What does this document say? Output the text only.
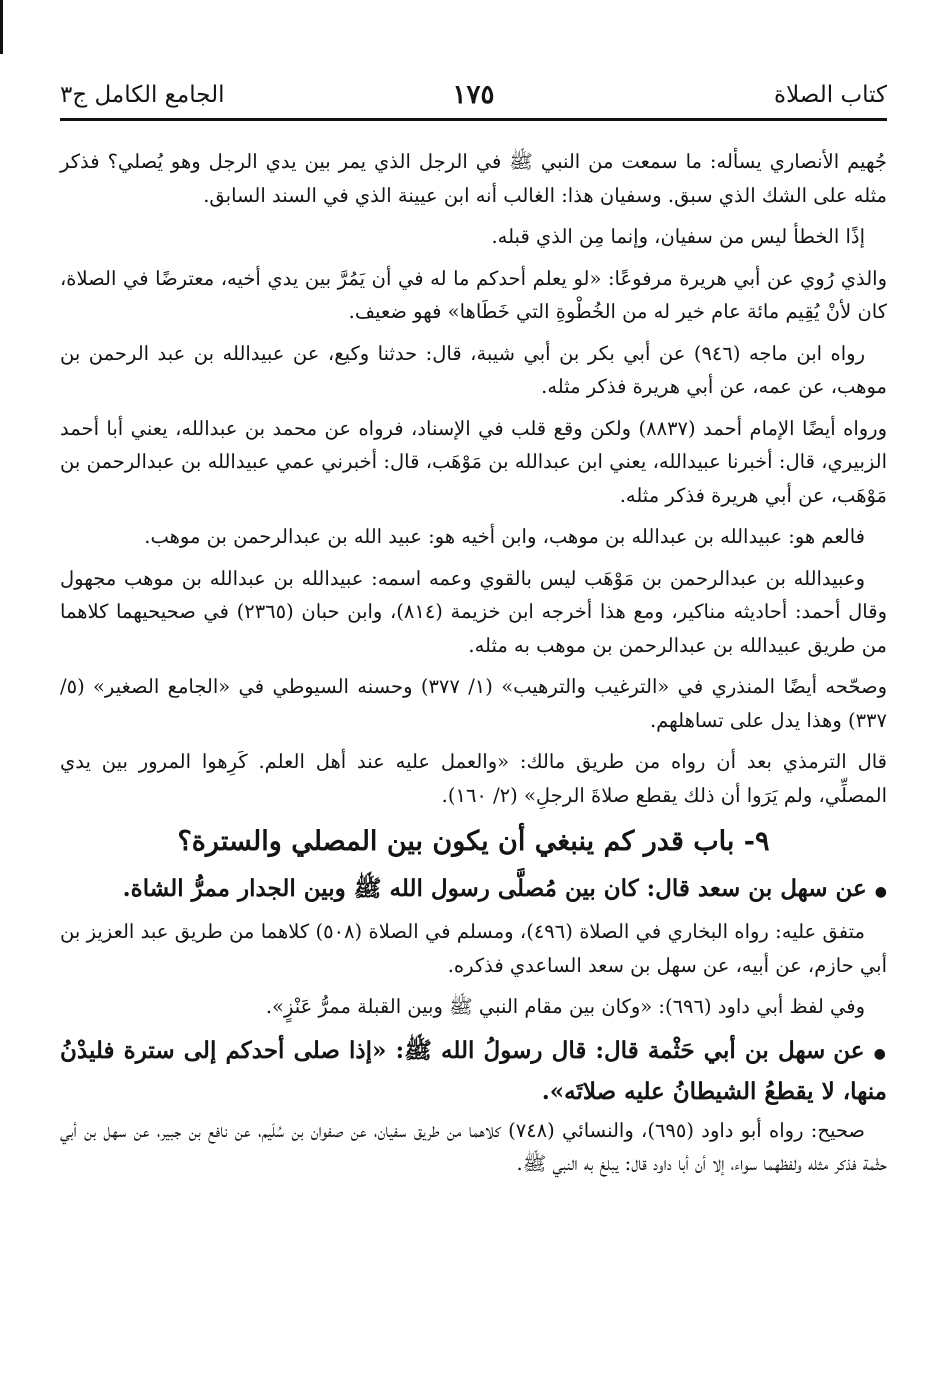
الجامع الكامل ج٣	١٧٥	كتاب الصلاة

جُهيم الأنصاري يسأله: ما سمعت من النبي ﷺ في الرجل الذي يمر بين يدي الرجل وهو يُصلي؟ فذكر مثله على الشك الذي سبق. وسفيان هذا: الغالب أنه ابن عيينة الذي في السند السابق.

إذًا الخطأ ليس من سفيان، وإنما مِن الذي قبله.

والذي رُوي عن أبي هريرة مرفوعًا: «لو يعلم أحدكم ما له في أن يَمُرَّ بين يدي أخيه، معترضًا في الصلاة، كان لأنْ يُقِيم مائة عام خير له من الخُطْوةِ التي خَطَاها» فهو ضعيف.

رواه ابن ماجه (٩٤٦) عن أبي بكر بن أبي شيبة، قال: حدثنا وكيع، عن عبيدالله بن عبد الرحمن بن موهب، عن عمه، عن أبي هريرة فذكر مثله.

ورواه أيضًا الإمام أحمد (٨٨٣٧) ولكن وقع قلب في الإسناد، فرواه عن محمد بن عبدالله، يعني أبا أحمد الزبيري، قال: أخبرنا عبيدالله، يعني ابن عبدالله بن مَوْهَب، قال: أخبرني عمي عبيدالله بن عبدالرحمن بن مَوْهَب، عن أبي هريرة فذكر مثله.

فالعم هو: عبيدالله بن عبدالله بن موهب، وابن أخيه هو: عبيد الله بن عبدالرحمن بن موهب.

وعبيدالله بن عبدالرحمن بن مَوْهَب ليس بالقوي وعمه اسمه: عبيدالله بن عبدالله بن موهب مجهول وقال أحمد: أحاديثه مناكير، ومع هذا أخرجه ابن خزيمة (٨١٤)، وابن حبان (٢٣٦٥) في صحيحيهما كلاهما من طريق عبيدالله بن عبدالرحمن بن موهب به مثله.

وصحّحه أيضًا المنذري في «الترغيب والترهيب» (١/ ٣٧٧) وحسنه السيوطي في «الجامع الصغير» (٥/ ٣٣٧) وهذا يدل على تساهلهم.

قال الترمذي بعد أن رواه من طريق مالك: «والعمل عليه عند أهل العلم. كَرِهوا المرور بين يدي المصلِّي، ولم يَرَوا أن ذلك يقطع صلاةَ الرجلِ» (٢/ ١٦٠).

٩- باب قدر كم ينبغي أن يكون بين المصلي والسترة؟

● عن سهل بن سعد قال: كان بين مُصلَّى رسول الله ﷺ وبين الجدار ممرُّ الشاة.

متفق عليه: رواه البخاري في الصلاة (٤٩٦)، ومسلم في الصلاة (٥٠٨) كلاهما من طريق عبد العزيز بن أبي حازم، عن أبيه، عن سهل بن سعد الساعدي فذكره.

وفي لفظ أبي داود (٦٩٦): «وكان بين مقام النبي ﷺ وبين القبلة ممرُّ عَنْزٍ».

● عن سهل بن أبي حَثْمة قال: قال رسولُ الله ﷺ: «إذا صلى أحدكم إلى سترة فليدْنُ منها، لا يقطعُ الشيطانُ عليه صلاتَه».

صحيح: رواه أبو داود (٦٩٥)، والنسائي (٧٤٨) كلاهما من طريق سفيان، عن صفوان بن سُلَيم، عن نافع بن جبير، عن سهل بن أبي حثْمة فذكر مثله ولفظهما سواء، إلا أن أبا داود قال: يبلغ به النبي ﷺ.
